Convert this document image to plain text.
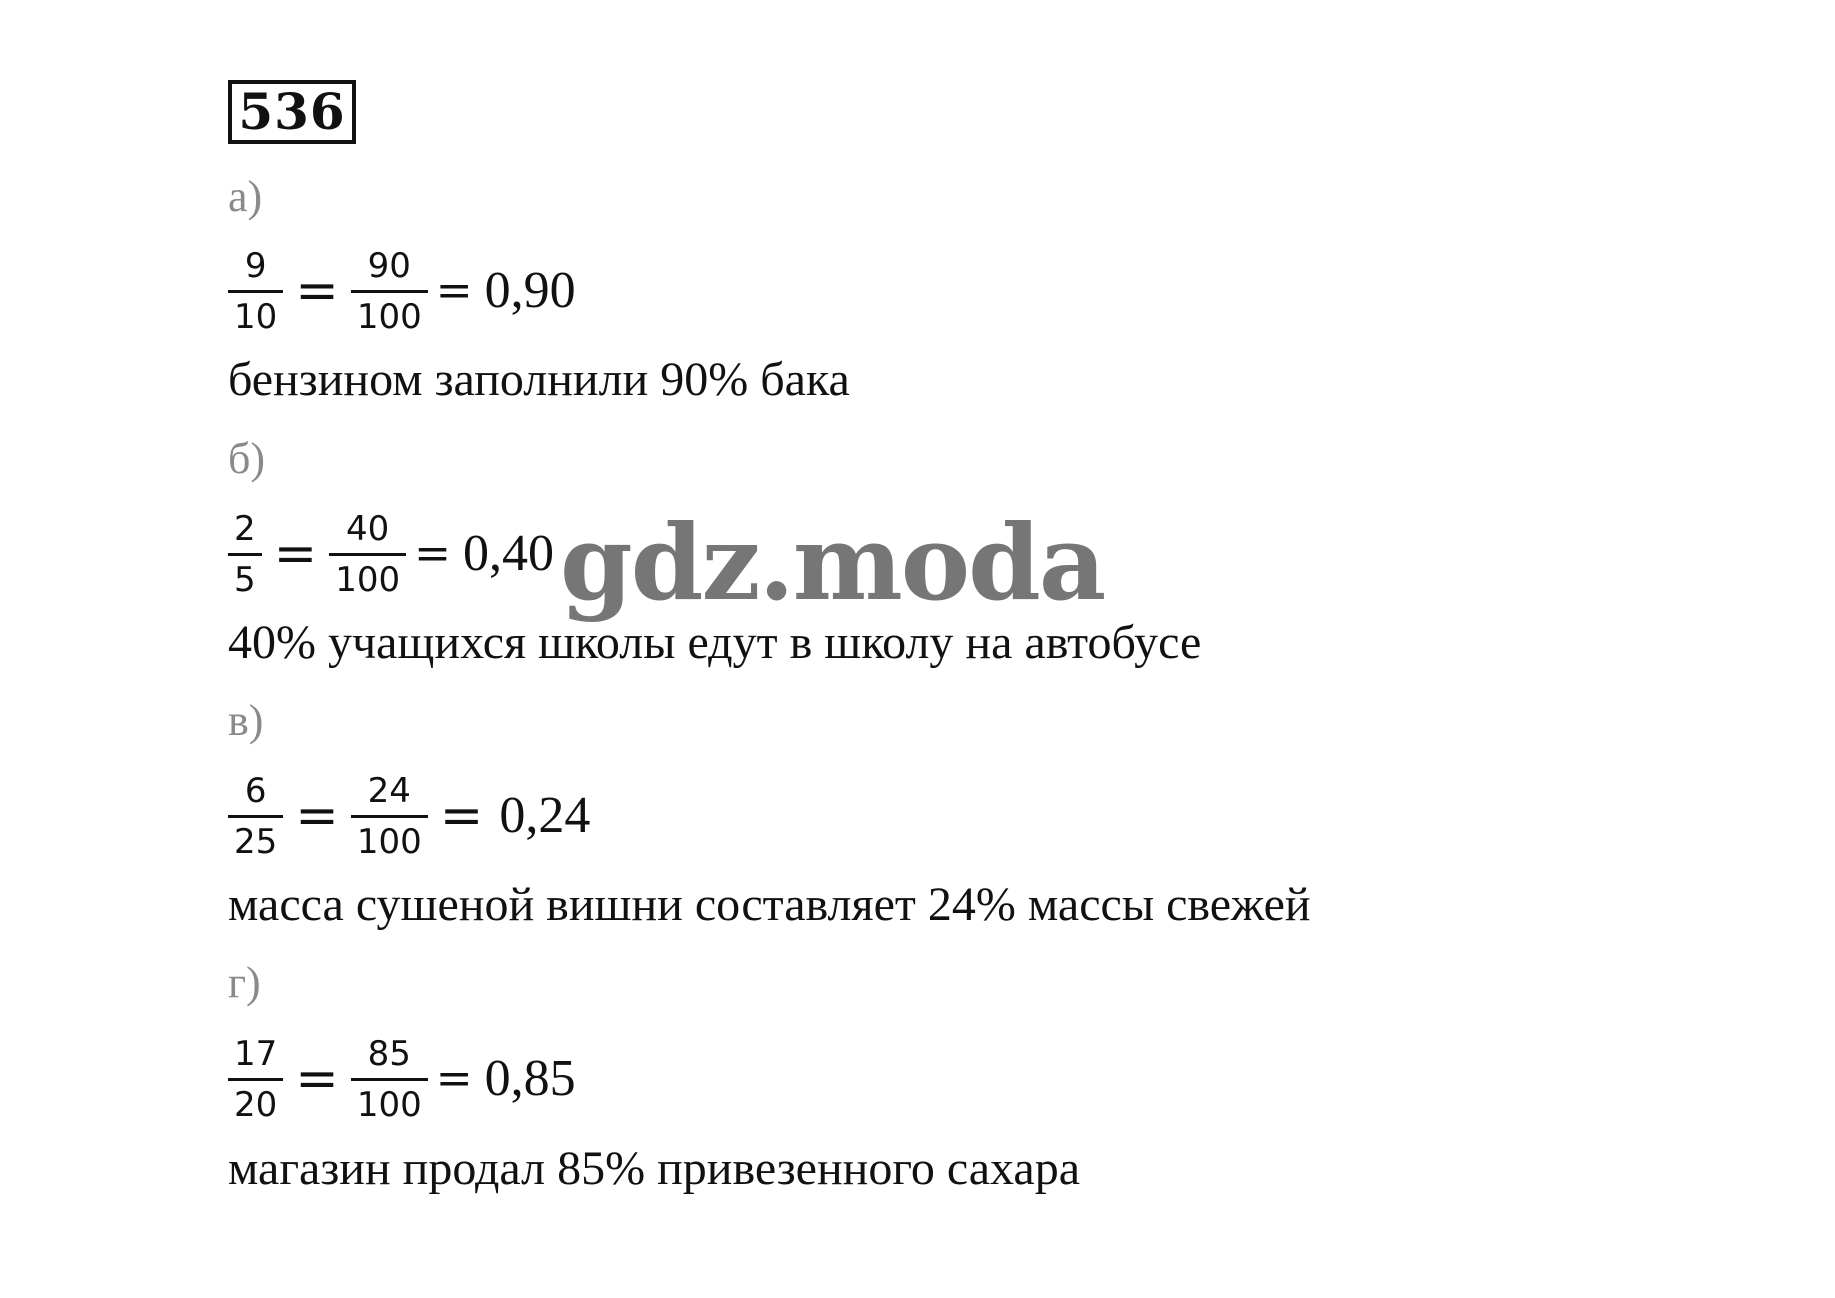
536
а)
$\frac{9}{10} = \frac{90}{100} = 0,90$
бензином заполнили 90% бака
б)
$\frac{2}{5} = \frac{40}{100} = 0,40$
40% учащихся школы едут в школу на автобусе
в)
$\frac{6}{25} = \frac{24}{100} = 0,24$
масса сушеной вишни составляет 24% массы свежей
г)
$\frac{17}{20} = \frac{85}{100} = 0,85$
магазин продал 85% привезенного сахара
gdz.moda
